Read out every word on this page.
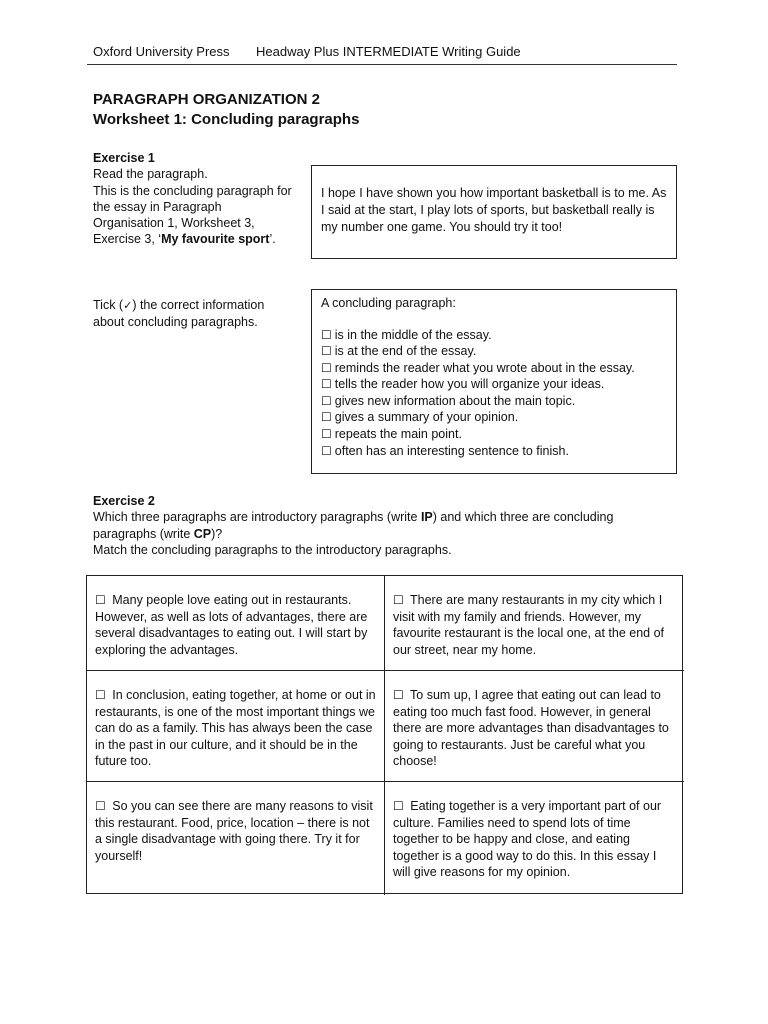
Oxford University Press Headway Plus INTERMEDIATE Writing Guide
PARAGRAPH ORGANIZATION 2
Worksheet 1: Concluding paragraphs
Exercise 1
Read the paragraph.
This is the concluding paragraph for the essay in Paragraph Organisation 1, Worksheet 3, Exercise 3, ‘My favourite sport’.
I hope I have shown you how important basketball is to me. As I said at the start, I play lots of sports, but basketball really is my number one game. You should try it too!
Tick (✓) the correct information about concluding paragraphs.
A concluding paragraph:
☐ is in the middle of the essay.
☐ is at the end of the essay.
☐ reminds the reader what you wrote about in the essay.
☐ tells the reader how you will organize your ideas.
☐ gives new information about the main topic.
☐ gives a summary of your opinion.
☐ repeats the main point.
☐ often has an interesting sentence to finish.
Exercise 2
Which three paragraphs are introductory paragraphs (write IP) and which three are concluding paragraphs (write CP)?
Match the concluding paragraphs to the introductory paragraphs.
☐ Many people love eating out in restaurants. However, as well as lots of advantages, there are several disadvantages to eating out. I will start by exploring the advantages.
☐ There are many restaurants in my city which I visit with my family and friends. However, my favourite restaurant is the local one, at the end of our street, near my home.
☐ In conclusion, eating together, at home or out in restaurants, is one of the most important things we can do as a family. This has always been the case in the past in our culture, and it should be in the future too.
☐ To sum up, I agree that eating out can lead to eating too much fast food. However, in general there are more advantages than disadvantages to going to restaurants. Just be careful what you choose!
☐ So you can see there are many reasons to visit this restaurant. Food, price, location – there is not a single disadvantage with going there. Try it for yourself!
☐ Eating together is a very important part of our culture. Families need to spend lots of time together to be happy and close, and eating together is a good way to do this. In this essay I will give reasons for my opinion.
